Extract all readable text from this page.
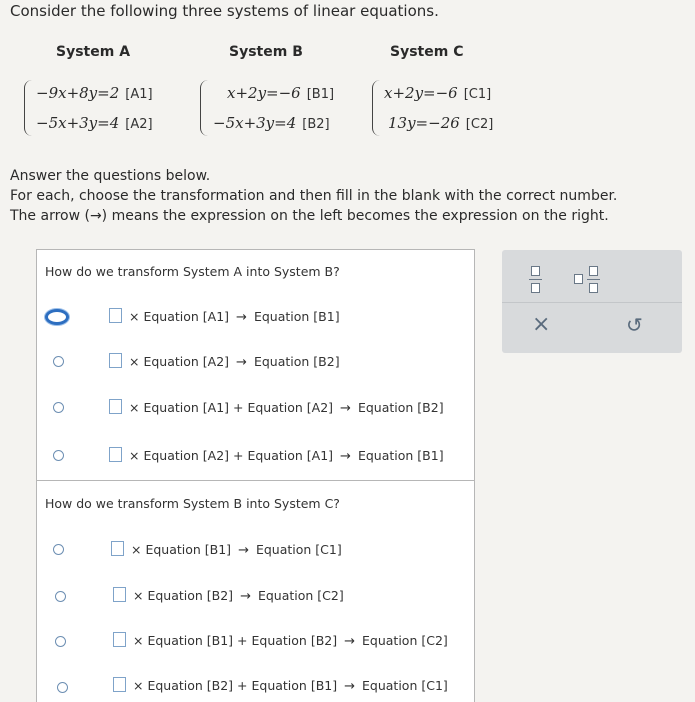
Consider the following three systems of linear equations.
System A	System B	System C
−9x+8y=2 [A1]
−5x+3y=4 [A2]
x+2y=−6 [B1]
−5x+3y=4 [B2]
x+2y=−6 [C1]
13y=−26 [C2]
Answer the questions below.
For each, choose the transformation and then fill in the blank with the correct number.
The arrow (→) means the expression on the left becomes the expression on the right.
How do we transform System A into System B?
× Equation [A1] → Equation [B1]
× Equation [A2] → Equation [B2]
× Equation [A1] + Equation [A2] → Equation [B2]
× Equation [A2] + Equation [A1] → Equation [B1]
How do we transform System B into System C?
× Equation [B1] → Equation [C1]
× Equation [B2] → Equation [C2]
× Equation [B1] + Equation [B2] → Equation [C2]
× Equation [B2] + Equation [B1] → Equation [C1]
×	↺
